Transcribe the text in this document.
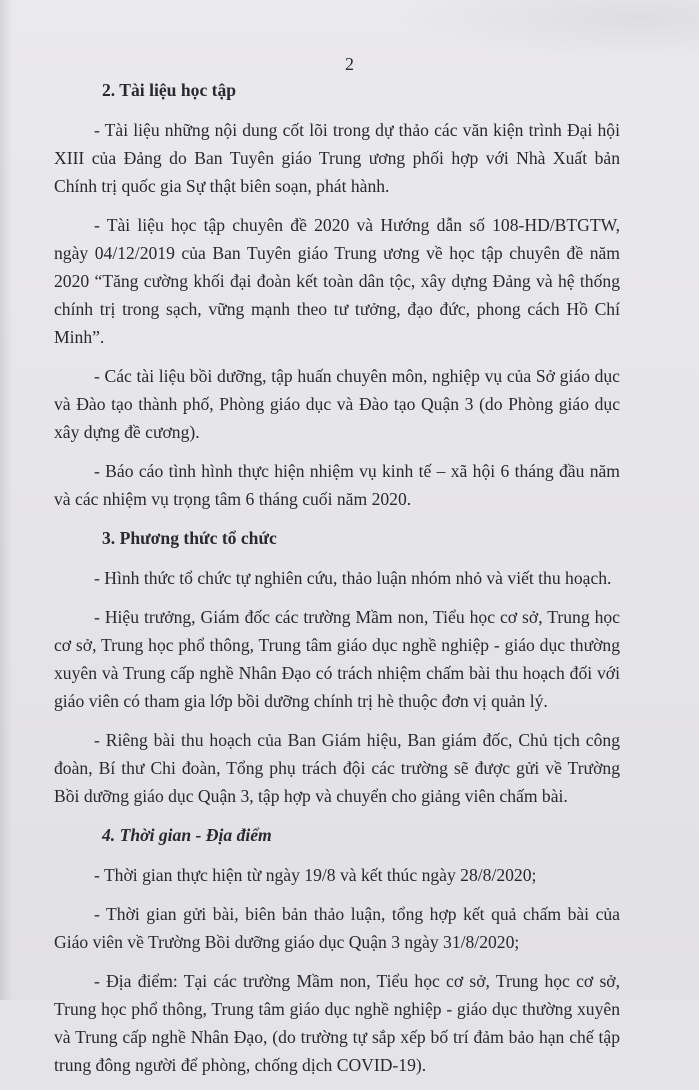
2
2. Tài liệu học tập

- Tài liệu những nội dung cốt lõi trong dự thảo các văn kiện trình Đại hội XIII của Đảng do Ban Tuyên giáo Trung ương phối hợp với Nhà Xuất bản Chính trị quốc gia Sự thật biên soạn, phát hành.

- Tài liệu học tập chuyên đề 2020 và Hướng dẫn số 108-HD/BTGTW, ngày 04/12/2019 của Ban Tuyên giáo Trung ương về học tập chuyên đề năm 2020 “Tăng cường khối đại đoàn kết toàn dân tộc, xây dựng Đảng và hệ thống chính trị trong sạch, vững mạnh theo tư tưởng, đạo đức, phong cách Hồ Chí Minh”.

- Các tài liệu bồi dưỡng, tập huấn chuyên môn, nghiệp vụ của Sở giáo dục và Đào tạo thành phố, Phòng giáo dục và Đào tạo Quận 3 (do Phòng giáo dục xây dựng đề cương).

- Báo cáo tình hình thực hiện nhiệm vụ kinh tế – xã hội 6 tháng đầu năm và các nhiệm vụ trọng tâm 6 tháng cuối năm 2020.

3. Phương thức tổ chức

- Hình thức tổ chức tự nghiên cứu, thảo luận nhóm nhỏ và viết thu hoạch.

- Hiệu trưởng, Giám đốc các trường Mầm non, Tiểu học cơ sở, Trung học cơ sở, Trung học phổ thông, Trung tâm giáo dục nghề nghiệp - giáo dục thường xuyên và Trung cấp nghề Nhân Đạo có trách nhiệm chấm bài thu hoạch đối với giáo viên có tham gia lớp bồi dưỡng chính trị hè thuộc đơn vị quản lý.

- Riêng bài thu hoạch của Ban Giám hiệu, Ban giám đốc, Chủ tịch công đoàn, Bí thư Chi đoàn, Tổng phụ trách đội các trường sẽ được gửi về Trường Bồi dưỡng giáo dục Quận 3, tập hợp và chuyển cho giảng viên chấm bài.

4. Thời gian - Địa điểm

- Thời gian thực hiện từ ngày 19/8 và kết thúc ngày 28/8/2020;

- Thời gian gửi bài, biên bản thảo luận, tổng hợp kết quả chấm bài của Giáo viên về Trường Bồi dưỡng giáo dục Quận 3 ngày 31/8/2020;

- Địa điểm: Tại các trường Mầm non, Tiểu học cơ sở, Trung học cơ sở, Trung học phổ thông, Trung tâm giáo dục nghề nghiệp - giáo dục thường xuyên và Trung cấp nghề Nhân Đạo, (do trường tự sắp xếp bố trí đảm bảo hạn chế tập trung đông người để phòng, chống dịch COVID-19).
